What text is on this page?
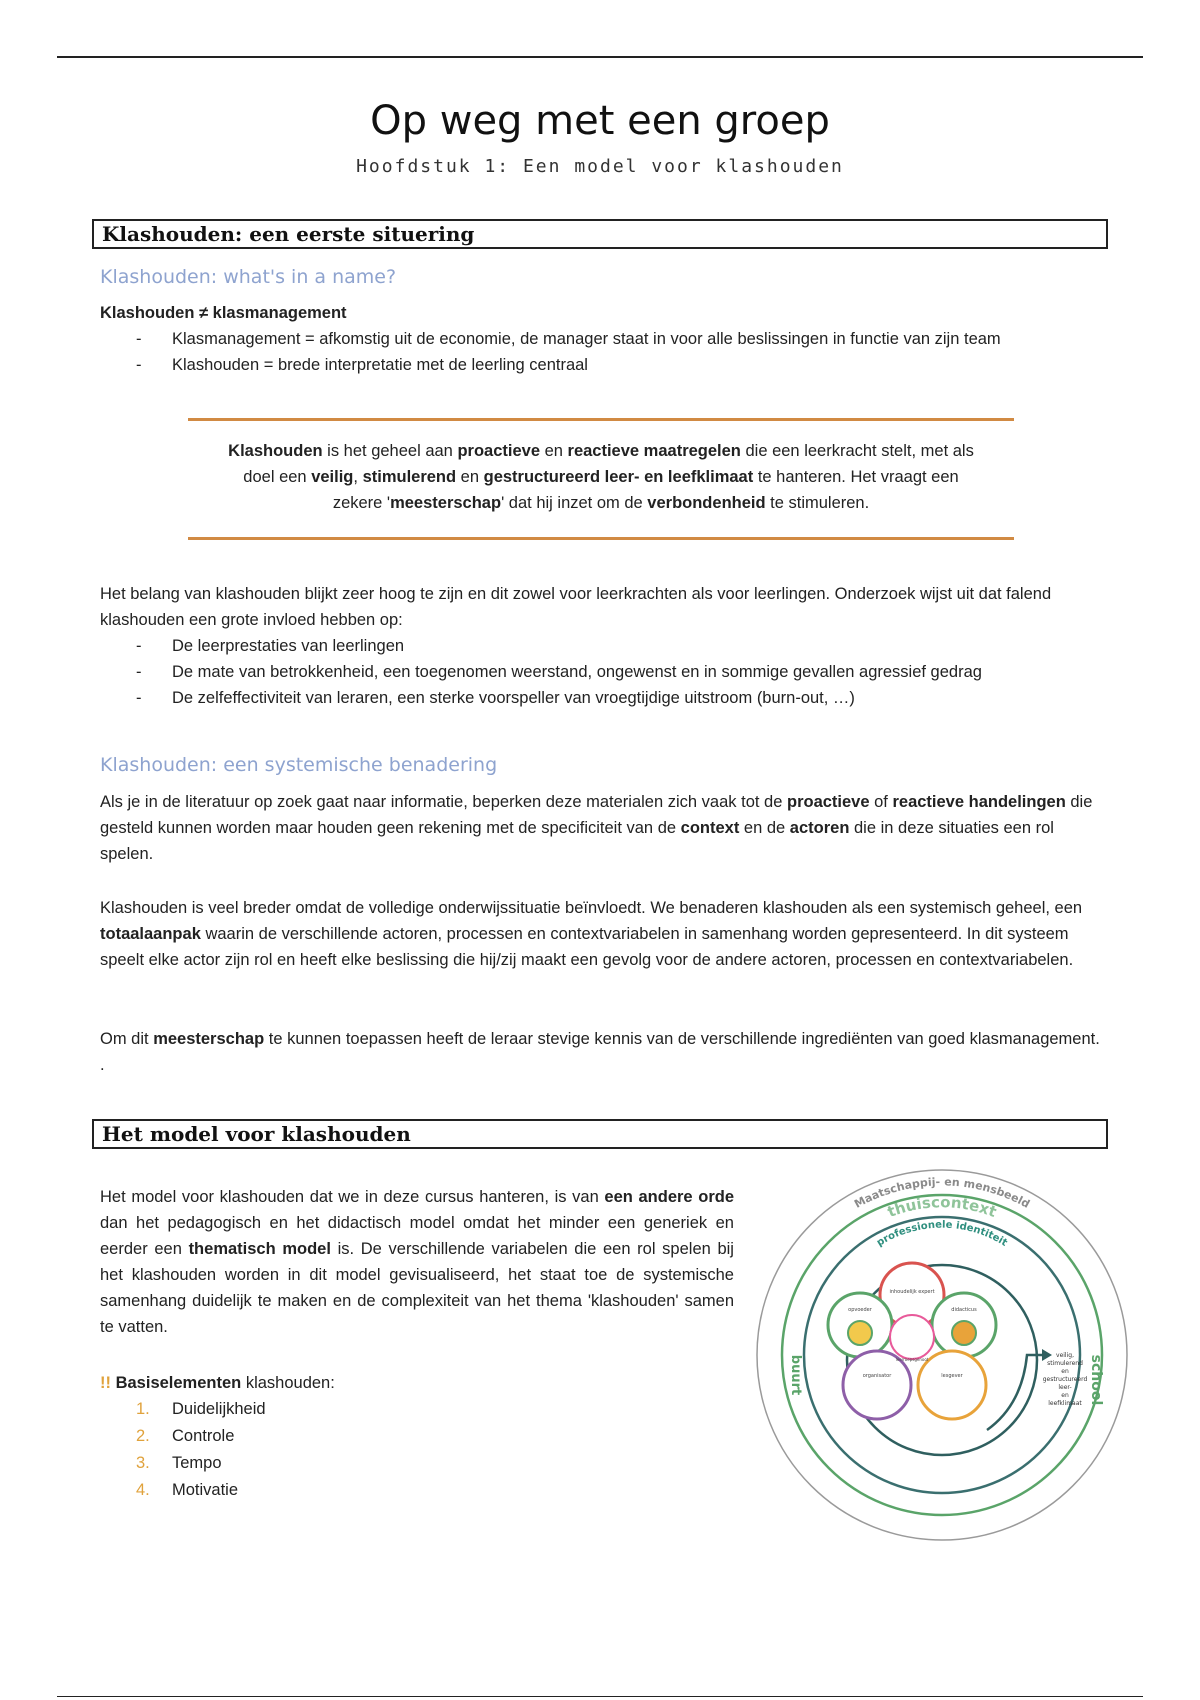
Op weg met een groep
Hoofdstuk 1: Een model voor klashouden
Klashouden: een eerste situering
Klashouden: what's in a name?
Klashouden ≠ klasmanagement
- Klasmanagement = afkomstig uit de economie, de manager staat in voor alle beslissingen in functie van zijn team
- Klashouden = brede interpretatie met de leerling centraal
Klashouden is het geheel aan proactieve en reactieve maatregelen die een leerkracht stelt, met als
doel een veilig, stimulerend en gestructureerd leer- en leefklimaat te hanteren. Het vraagt een
zekere 'meesterschap' dat hij inzet om de verbondenheid te stimuleren.

Het belang van klashouden blijkt zeer hoog te zijn en dit zowel voor leerkrachten als voor leerlingen. Onderzoek wijst uit dat falend klashouden een grote invloed hebben op:

- De leerprestaties van leerlingen
- De mate van betrokkenheid, een toegenomen weerstand, ongewenst en in sommige gevallen agressief gedrag
- De zelfeffectiviteit van leraren, een sterke voorspeller van vroegtijdige uitstroom (burn-out, …)
Klashouden: een systemische benadering

Als je in de literatuur op zoek gaat naar informatie, beperken deze materialen zich vaak tot de proactieve of reactieve handelingen die gesteld kunnen worden maar houden geen rekening met de specificiteit van de context en de actoren die in deze situaties een rol spelen.

Klashouden is veel breder omdat de volledige onderwijssituatie beïnvloedt. We benaderen klashouden als een systemisch geheel, een totaalaanpak waarin de verschillende actoren, processen en contextvariabelen in samenhang worden gepresenteerd. In dit systeem speelt elke actor zijn rol en heeft elke beslissing die hij/zij maakt een gevolg voor de andere actoren, processen en contextvariabelen.

Om dit meesterschap te kunnen toepassen heeft de leraar stevige kennis van de verschillende ingrediënten van goed klasmanagement. .

Het model voor klashouden

Het model voor klashouden dat we in deze cursus hanteren, is van een andere orde dan het pedagogisch en het didactisch model omdat het minder een generiek en eerder een thematisch model is. De verschillende variabelen die een rol spelen bij het klashouden worden in dit model gevisualiseerd, het staat toe de systemische samenhang duidelijk te maken en de complexiteit van het thema 'klashouden' samen te vatten.

!! Basiselementen klashouden:
1. Duidelijkheid
2. Controle
3. Tempo
4. Motivatie
Maatschappij- en mensbeeld
thuiscontext
professionele identiteit
buurt	school
inhoudelijk expert
opvoeder	didacticus
organisator	lesgever
leerroepsgenoot
veilig,
stimulerend
en
gestructureerd
leer-
en
leefklimaat
